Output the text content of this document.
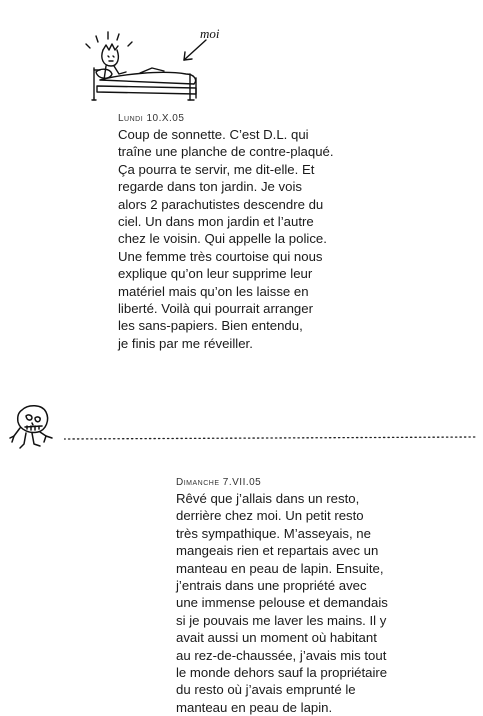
moi
Lundi 10.X.05

Coup de sonnette. C’est D.L. qui
traîne une planche de contre-plaqué.
Ça pourra te servir, me dit-elle. Et
regarde dans ton jardin. Je vois
alors 2 parachutistes descendre du
ciel. Un dans mon jardin et l’autre
chez le voisin. Qui appelle la police.
Une femme très courtoise qui nous
explique qu’on leur supprime leur
matériel mais qu’on les laisse en
liberté. Voilà qui pourrait arranger
les sans-papiers. Bien entendu,
je finis par me réveiller.

Dimanche 7.VII.05

Rêvé que j’allais dans un resto,
derrière chez moi. Un petit resto
très sympathique. M’asseyais, ne
mangeais rien et repartais avec un
manteau en peau de lapin. Ensuite,
j’entrais dans une propriété avec
une immense pelouse et demandais
si je pouvais me laver les mains. Il y
avait aussi un moment où habitant
au rez-de-chaussée, j’avais mis tout
le monde dehors sauf la propriétaire
du resto où j’avais emprunté le
manteau en peau de lapin.
